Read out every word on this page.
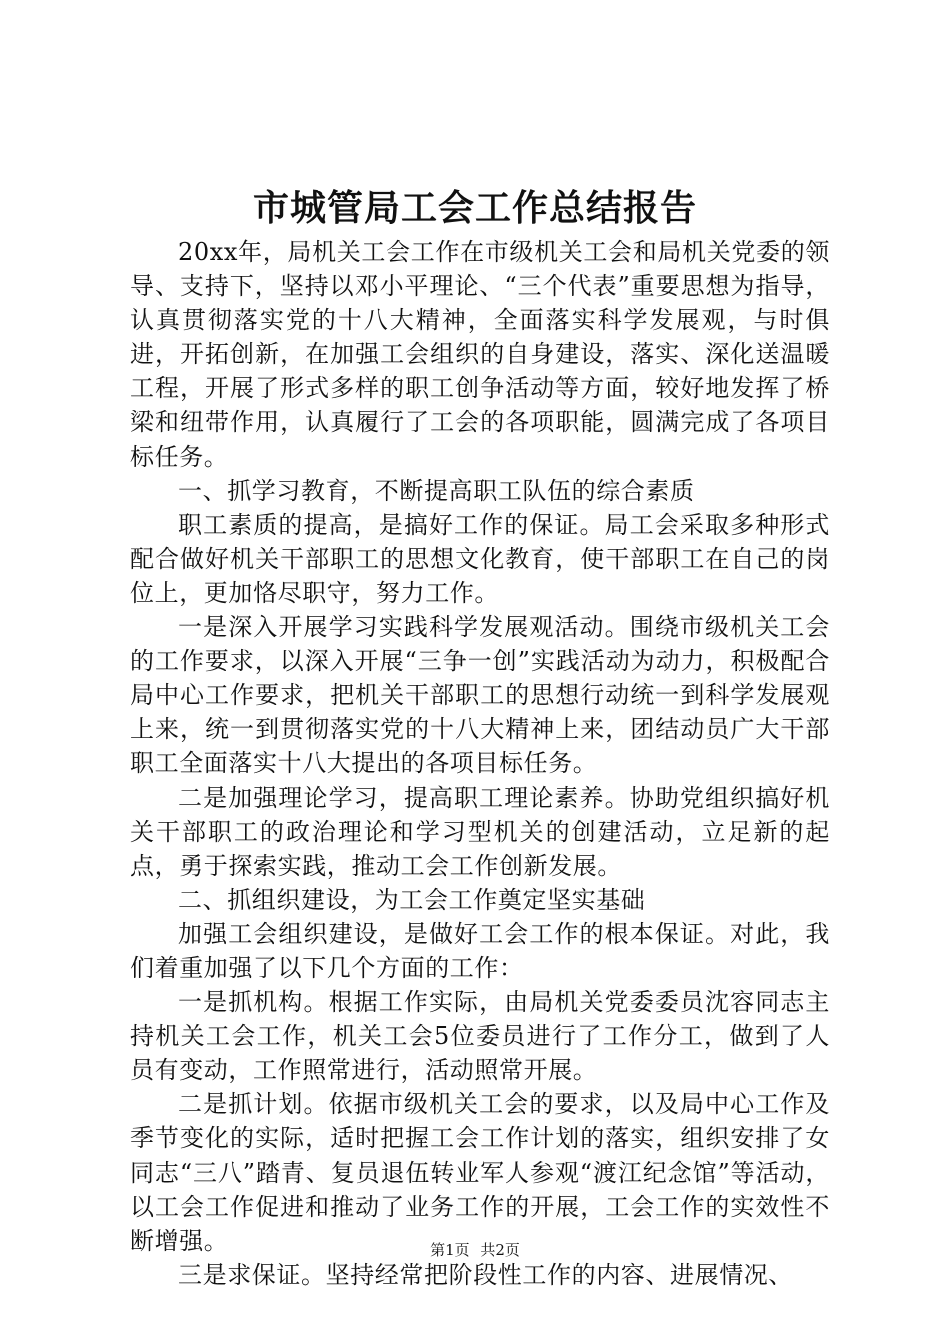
市城管局工会工作总结报告

20xx年，局机关工会工作在市级机关工会和局机关党委的领导、支持下，坚持以邓小平理论、“三个代表”重要思想为指导，认真贯彻落实党的十八大精神，全面落实科学发展观，与时俱进，开拓创新，在加强工会组织的自身建设，落实、深化送温暖工程，开展了形式多样的职工创争活动等方面，较好地发挥了桥梁和纽带作用，认真履行了工会的各项职能，圆满完成了各项目标任务。

一、抓学习教育，不断提高职工队伍的综合素质

职工素质的提高，是搞好工作的保证。局工会采取多种形式配合做好机关干部职工的思想文化教育，使干部职工在自己的岗位上，更加恪尽职守，努力工作。

一是深入开展学习实践科学发展观活动。围绕市级机关工会的工作要求，以深入开展“三争一创”实践活动为动力，积极配合局中心工作要求，把机关干部职工的思想行动统一到科学发展观上来，统一到贯彻落实党的十八大精神上来，团结动员广大干部职工全面落实十八大提出的各项目标任务。

二是加强理论学习，提高职工理论素养。协助党组织搞好机关干部职工的政治理论和学习型机关的创建活动，立足新的起点，勇于探索实践，推动工会工作创新发展。

二、抓组织建设，为工会工作奠定坚实基础

加强工会组织建设，是做好工会工作的根本保证。对此，我们着重加强了以下几个方面的工作：

一是抓机构。根据工作实际，由局机关党委委员沈容同志主持机关工会工作，机关工会5位委员进行了工作分工，做到了人员有变动，工作照常进行，活动照常开展。

二是抓计划。依据市级机关工会的要求，以及局中心工作及季节变化的实际，适时把握工会工作计划的落实，组织安排了女同志“三八”踏青、复员退伍转业军人参观“渡江纪念馆”等活动，以工会工作促进和推动了业务工作的开展，工会工作的实效性不断增强。

三是求保证。坚持经常把阶段性工作的内容、进展情况、

第1页 共2页
